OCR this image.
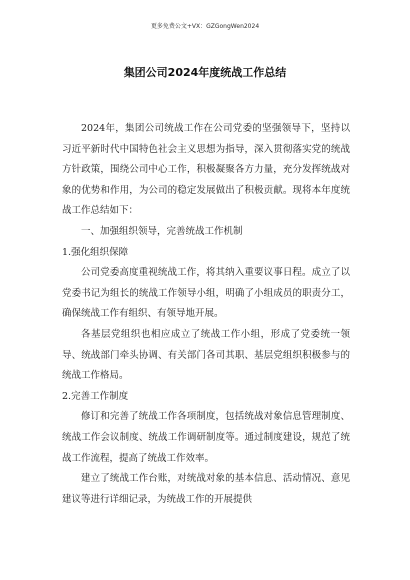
更多免费公文+VX：GZGongWen2024
集团公司2024年度统战工作总结

2024年，集团公司统战工作在公司党委的坚强领导下，坚持以习近平新时代中国特色社会主义思想为指导，深入贯彻落实党的统战方针政策，围绕公司中心工作，积极凝聚各方力量，充分发挥统战对象的优势和作用，为公司的稳定发展做出了积极贡献。现将本年度统战工作总结如下：

一、加强组织领导，完善统战工作机制

1.强化组织保障

公司党委高度重视统战工作，将其纳入重要议事日程。成立了以党委书记为组长的统战工作领导小组，明确了小组成员的职责分工，确保统战工作有组织、有领导地开展。

各基层党组织也相应成立了统战工作小组，形成了党委统一领导、统战部门牵头协调、有关部门各司其职、基层党组织积极参与的统战工作格局。

2.完善工作制度

修订和完善了统战工作各项制度，包括统战对象信息管理制度、统战工作会议制度、统战工作调研制度等。通过制度建设，规范了统战工作流程，提高了统战工作效率。

建立了统战工作台账，对统战对象的基本信息、活动情况、意见建议等进行详细记录，为统战工作的开展提供
